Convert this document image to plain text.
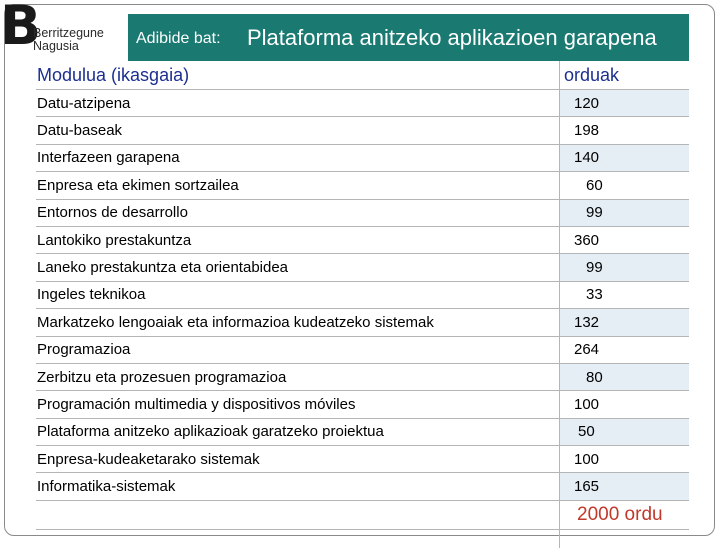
B
Berritzegune
Nagusia	Adibide bat: Plataforma anitzeko aplikazioen garapena
Modulua (ikasgaia)	orduak
Datu-atzipena	120
Datu-baseak	198
Interfazeen garapena	140
Enpresa eta ekimen sortzailea	60
Entornos de desarrollo	99
Lantokiko prestakuntza	360
Laneko prestakuntza eta orientabidea	99
Ingeles teknikoa	33
Markatzeko lengoaiak eta informazioa kudeatzeko sistemak	132
Programazioa	264
Zerbitzu eta prozesuen programazioa	80
Programación multimedia y dispositivos móviles	100
Plataforma anitzeko aplikazioak garatzeko proiektua	50
Enpresa-kudeaketarako sistemak	100
Informatika-sistemak	165
	2000 ordu
